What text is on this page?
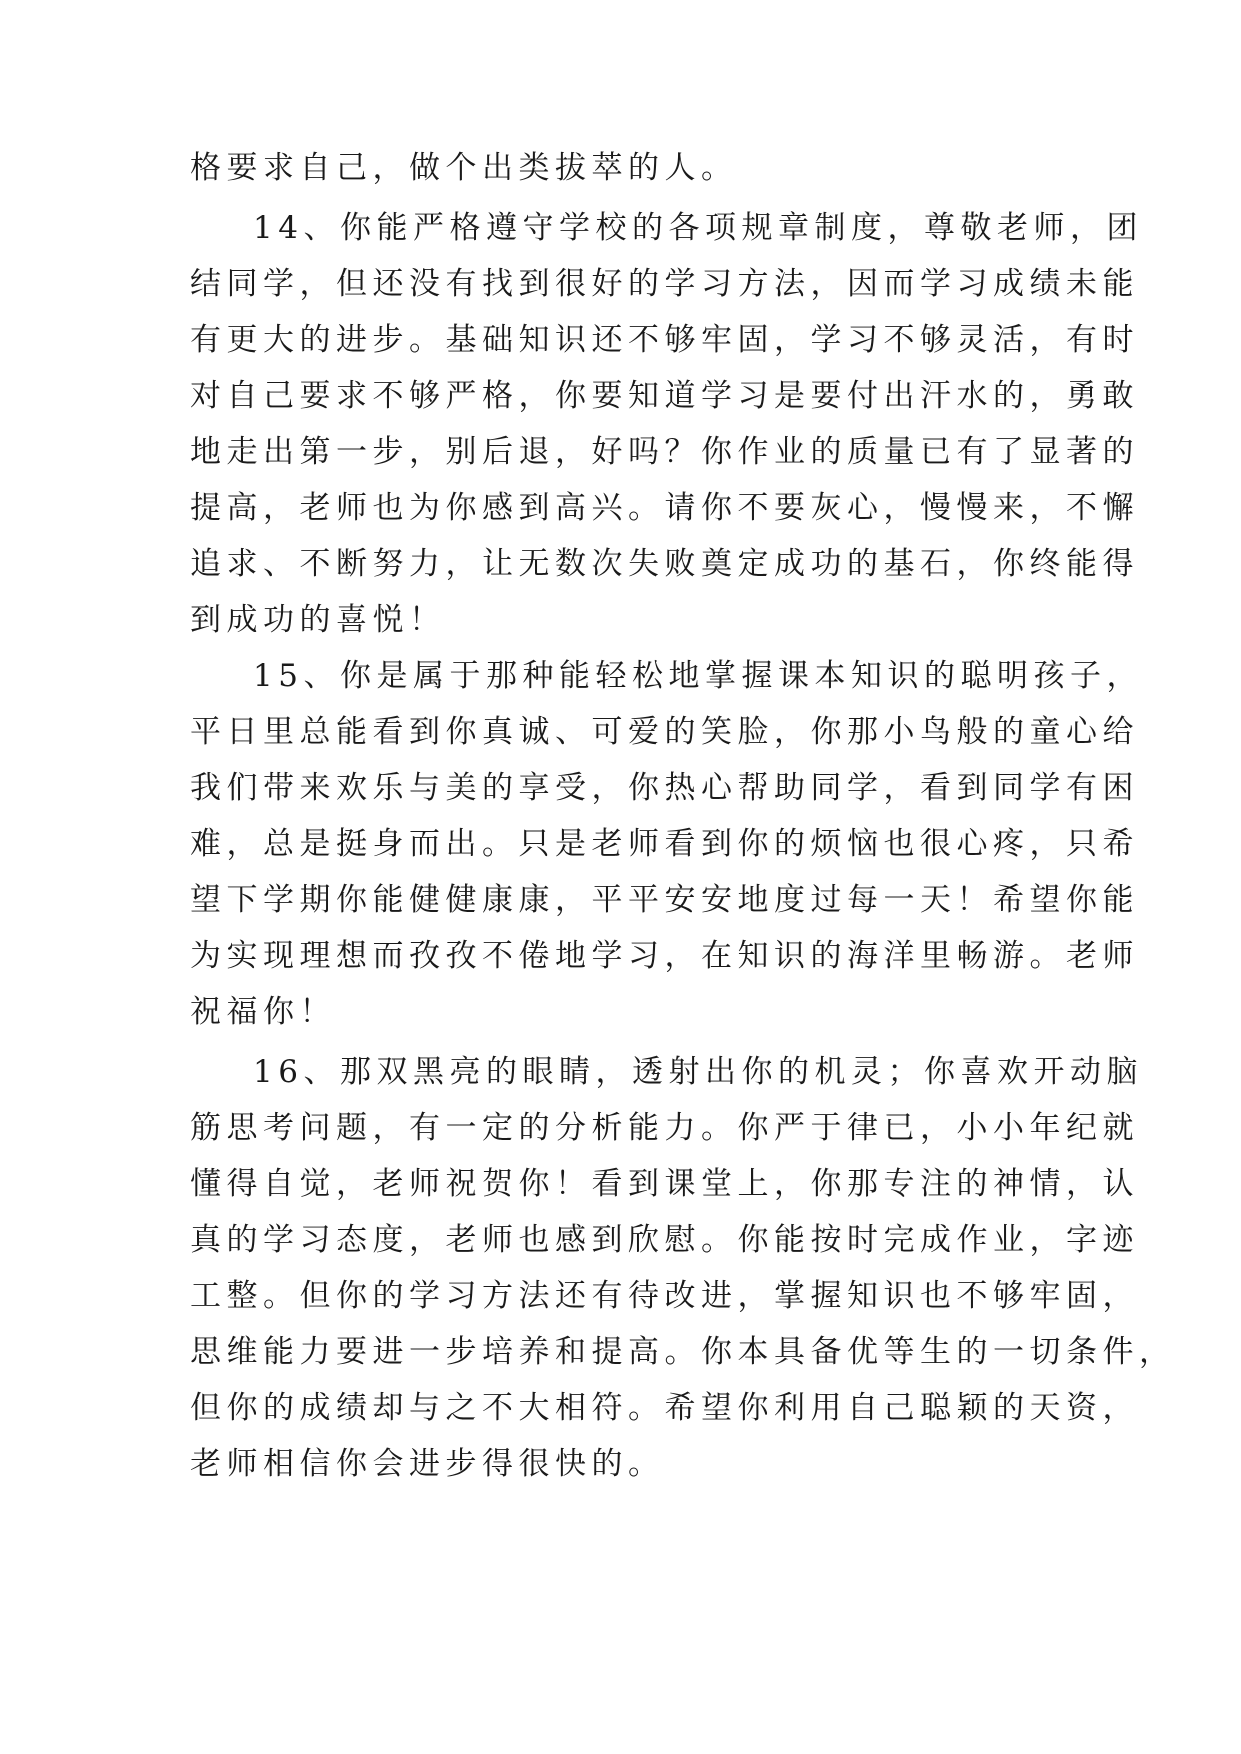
格要求自己，做个出类拔萃的人。
14、你能严格遵守学校的各项规章制度，尊敬老师，团
结同学，但还没有找到很好的学习方法，因而学习成绩未能
有更大的进步。基础知识还不够牢固，学习不够灵活，有时
对自己要求不够严格，你要知道学习是要付出汗水的，勇敢
地走出第一步，别后退，好吗？你作业的质量已有了显著的
提高，老师也为你感到高兴。请你不要灰心，慢慢来，不懈
追求、不断努力，让无数次失败奠定成功的基石，你终能得
到成功的喜悦！
15、你是属于那种能轻松地掌握课本知识的聪明孩子，
平日里总能看到你真诚、可爱的笑脸，你那小鸟般的童心给
我们带来欢乐与美的享受，你热心帮助同学，看到同学有困
难，总是挺身而出。只是老师看到你的烦恼也很心疼，只希
望下学期你能健健康康，平平安安地度过每一天！希望你能
为实现理想而孜孜不倦地学习，在知识的海洋里畅游。老师
祝福你！
16、那双黑亮的眼睛，透射出你的机灵；你喜欢开动脑
筋思考问题，有一定的分析能力。你严于律已，小小年纪就
懂得自觉，老师祝贺你！看到课堂上，你那专注的神情，认
真的学习态度，老师也感到欣慰。你能按时完成作业，字迹
工整。但你的学习方法还有待改进，掌握知识也不够牢固，
思维能力要进一步培养和提高。你本具备优等生的一切条件，
但你的成绩却与之不大相符。希望你利用自己聪颖的天资，
老师相信你会进步得很快的。
